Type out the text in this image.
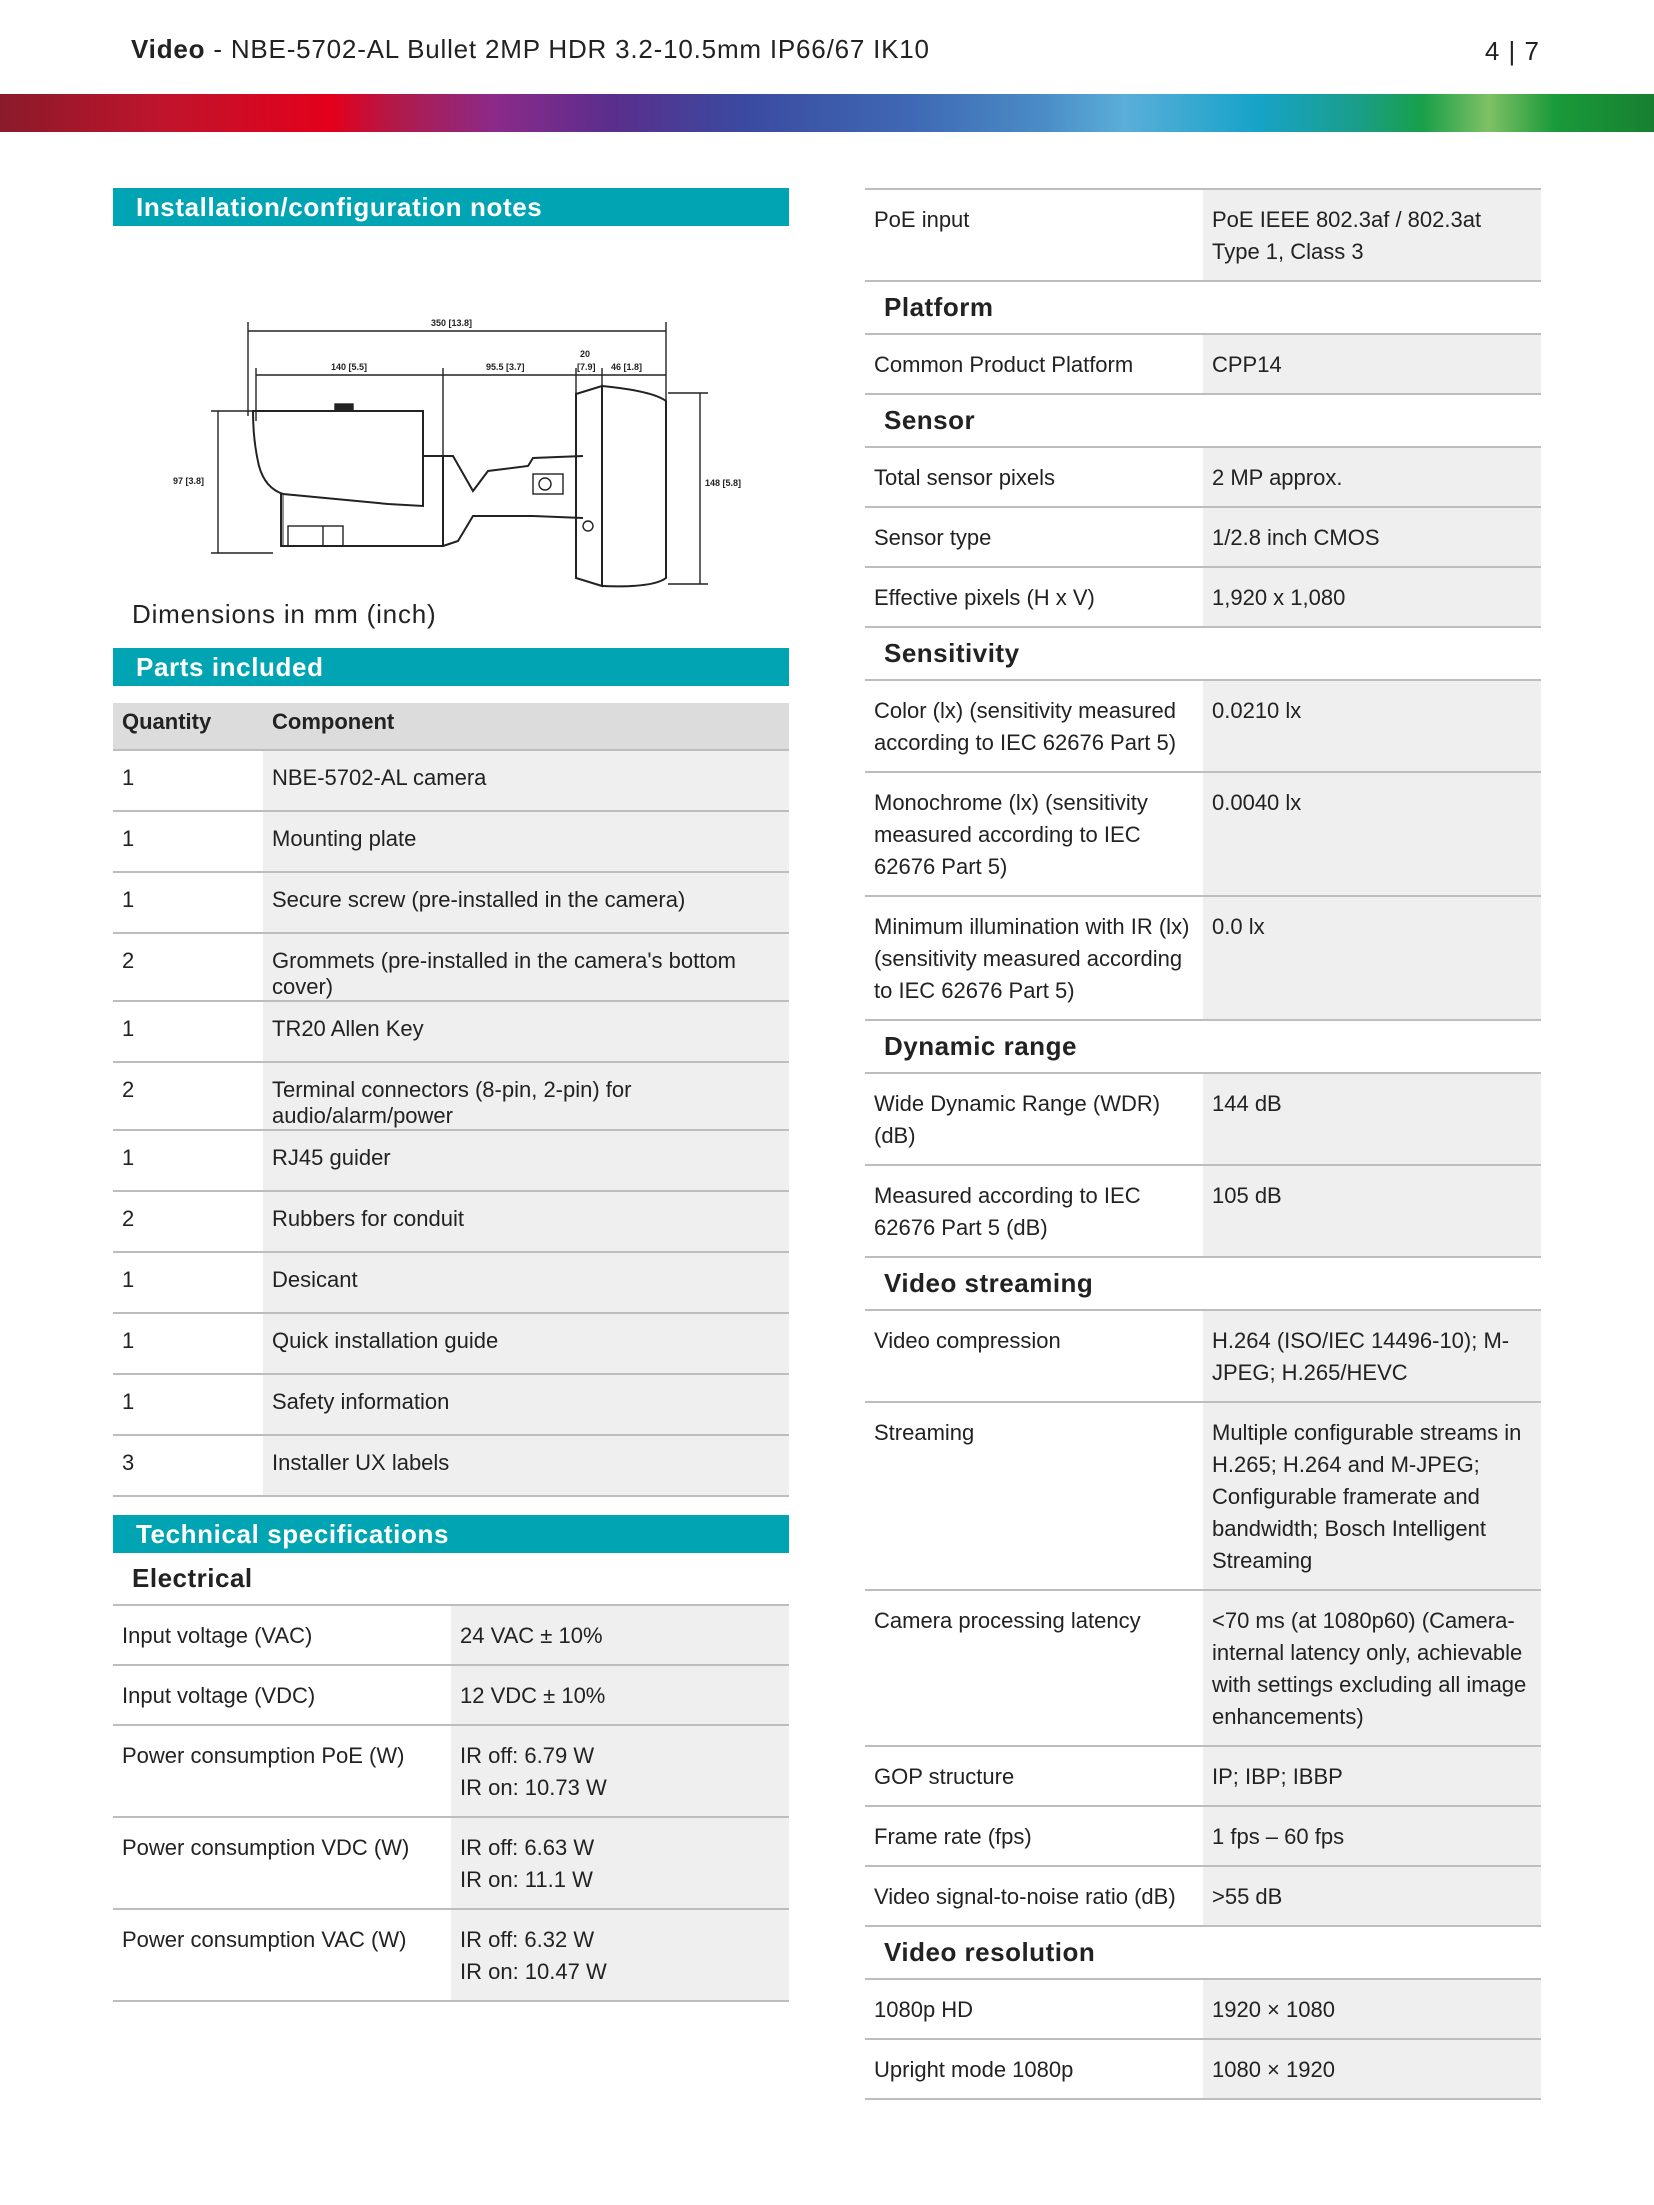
Video - NBE-5702-AL Bullet 2MP HDR 3.2-10.5mm IP66/67 IK10	4 | 7
Installation/configuration notes
350 [13.8]
140 [5.5]	95.5 [3.7]
20
[7.9] 46 [1.8]
97 [3.8]	148 [5.8]
Dimensions in mm (inch)
Parts included
Quantity	Component
1	NBE-5702-AL camera
1	Mounting plate
1	Secure screw (pre-installed in the camera)
2	Grommets (pre-installed in the camera's bottom cover)
1	TR20 Allen Key
2	Terminal connectors (8-pin, 2-pin) for audio/alarm/power
1	RJ45 guider
2	Rubbers for conduit
1	Desicant
1	Quick installation guide
1	Safety information
3	Installer UX labels
Technical specifications
Electrical
Input voltage (VAC)	24 VAC ± 10%
Input voltage (VDC)	12 VDC ± 10%
Power consumption PoE (W)	IR off: 6.79 W
IR on: 10.73 W

Power consumption VDC (W)	IR off: 6.63 W
IR on: 11.1 W

Power consumption VAC (W)	IR off: 6.32 W
IR on: 10.47 W
PoE input	PoE IEEE 802.3af / 802.3at Type 1, Class 3
Platform
Common Product Platform	CPP14
Sensor
Total sensor pixels	2 MP approx.
Sensor type	1/2.8 inch CMOS
Effective pixels (H x V)	1,920 x 1,080
Sensitivity
Color (lx) (sensitivity measured according to IEC 62676 Part 5)	0.0210 lx
Monochrome (lx) (sensitivity measured according to IEC 62676 Part 5)	0.0040 lx
Minimum illumination with IR (lx) (sensitivity measured according to IEC 62676 Part 5)	0.0 lx
Dynamic range
Wide Dynamic Range (WDR) (dB)	144 dB
Measured according to IEC 62676 Part 5 (dB)	105 dB
Video streaming
Video compression	H.264 (ISO/IEC 14496-10); M-JPEG; H.265/HEVC
Streaming	Multiple configurable streams in H.265; H.264 and M-JPEG; Configurable framerate and bandwidth; Bosch Intelligent Streaming
Camera processing latency	<70 ms (at 1080p60) (Camera-internal latency only, achievable with settings excluding all image enhancements)
GOP structure	IP; IBP; IBBP
Frame rate (fps)	1 fps – 60 fps
Video signal-to-noise ratio (dB)	>55 dB
Video resolution
1080p HD	1920 × 1080
Upright mode 1080p	1080 × 1920
